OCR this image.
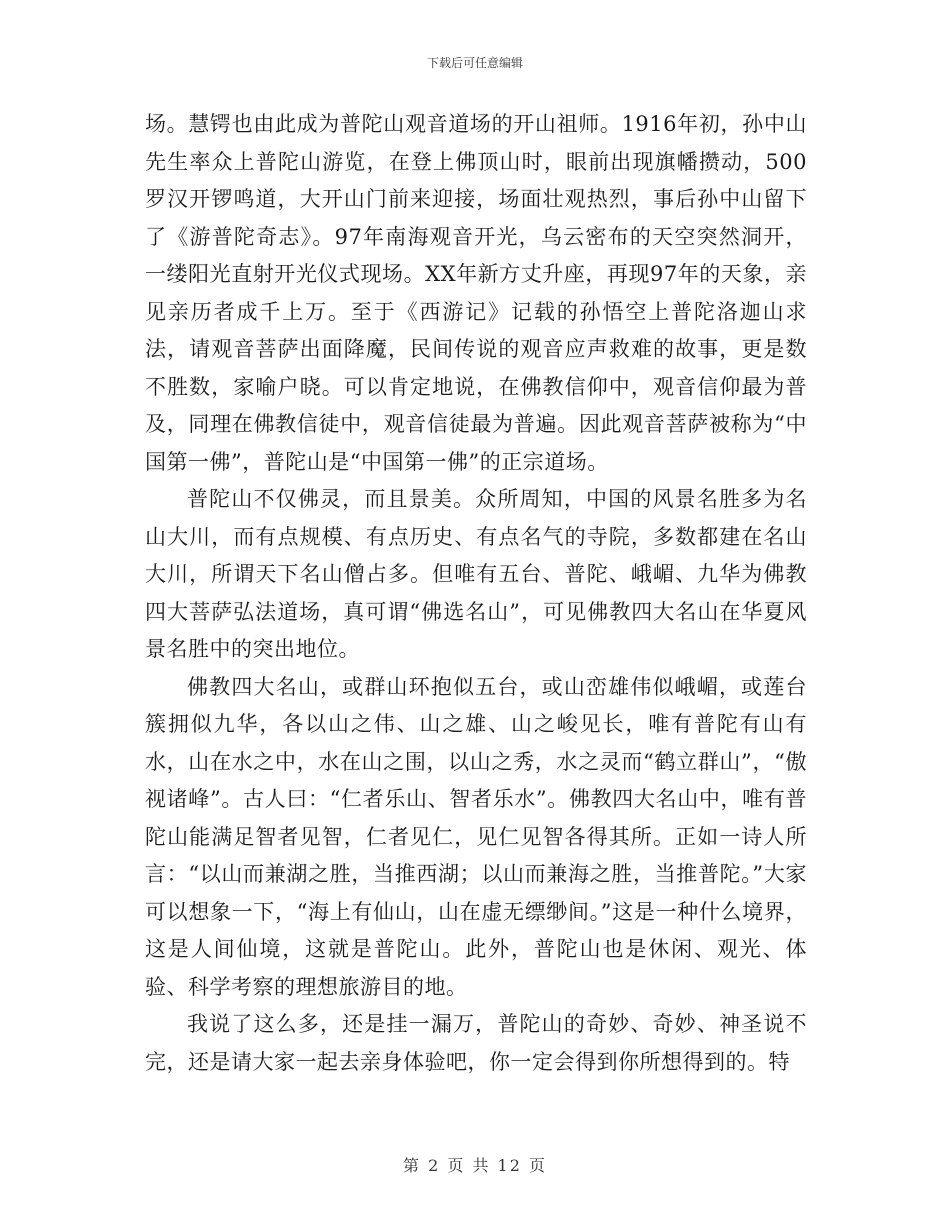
下载后可任意编辑

场。慧锷也由此成为普陀山观音道场的开山祖师。1916年初，孙中山先生率众上普陀山游览，在登上佛顶山时，眼前出现旗幡攒动，500罗汉开锣鸣道，大开山门前来迎接，场面壮观热烈，事后孙中山留下了《游普陀奇志》。97年南海观音开光，乌云密布的天空突然洞开，一缕阳光直射开光仪式现场。XX年新方丈升座，再现97年的天象，亲见亲历者成千上万。至于《西游记》记载的孙悟空上普陀洛迦山求法，请观音菩萨出面降魔，民间传说的观音应声救难的故事，更是数不胜数，家喻户晓。可以肯定地说，在佛教信仰中，观音信仰最为普及，同理在佛教信徒中，观音信徒最为普遍。因此观音菩萨被称为“中国第一佛”，普陀山是“中国第一佛”的正宗道场。

普陀山不仅佛灵，而且景美。众所周知，中国的风景名胜多为名山大川，而有点规模、有点历史、有点名气的寺院，多数都建在名山大川，所谓天下名山僧占多。但唯有五台、普陀、峨嵋、九华为佛教四大菩萨弘法道场，真可谓“佛选名山”，可见佛教四大名山在华夏风景名胜中的突出地位。

佛教四大名山，或群山环抱似五台，或山峦雄伟似峨嵋，或莲台簇拥似九华，各以山之伟、山之雄、山之峻见长，唯有普陀有山有水，山在水之中，水在山之围，以山之秀，水之灵而“鹤立群山”，“傲视诸峰”。古人曰：“仁者乐山、智者乐水”。佛教四大名山中，唯有普陀山能满足智者见智，仁者见仁，见仁见智各得其所。正如一诗人所言：“以山而兼湖之胜，当推西湖；以山而兼海之胜，当推普陀。”大家可以想象一下，“海上有仙山，山在虚无缥缈间。”这是一种什么境界，这是人间仙境，这就是普陀山。此外，普陀山也是休闲、观光、体验、科学考察的理想旅游目的地。

我说了这么多，还是挂一漏万，普陀山的奇妙、奇妙、神圣说不完，还是请大家一起去亲身体验吧，你一定会得到你所想得到的。特

第 2 页 共 12 页
